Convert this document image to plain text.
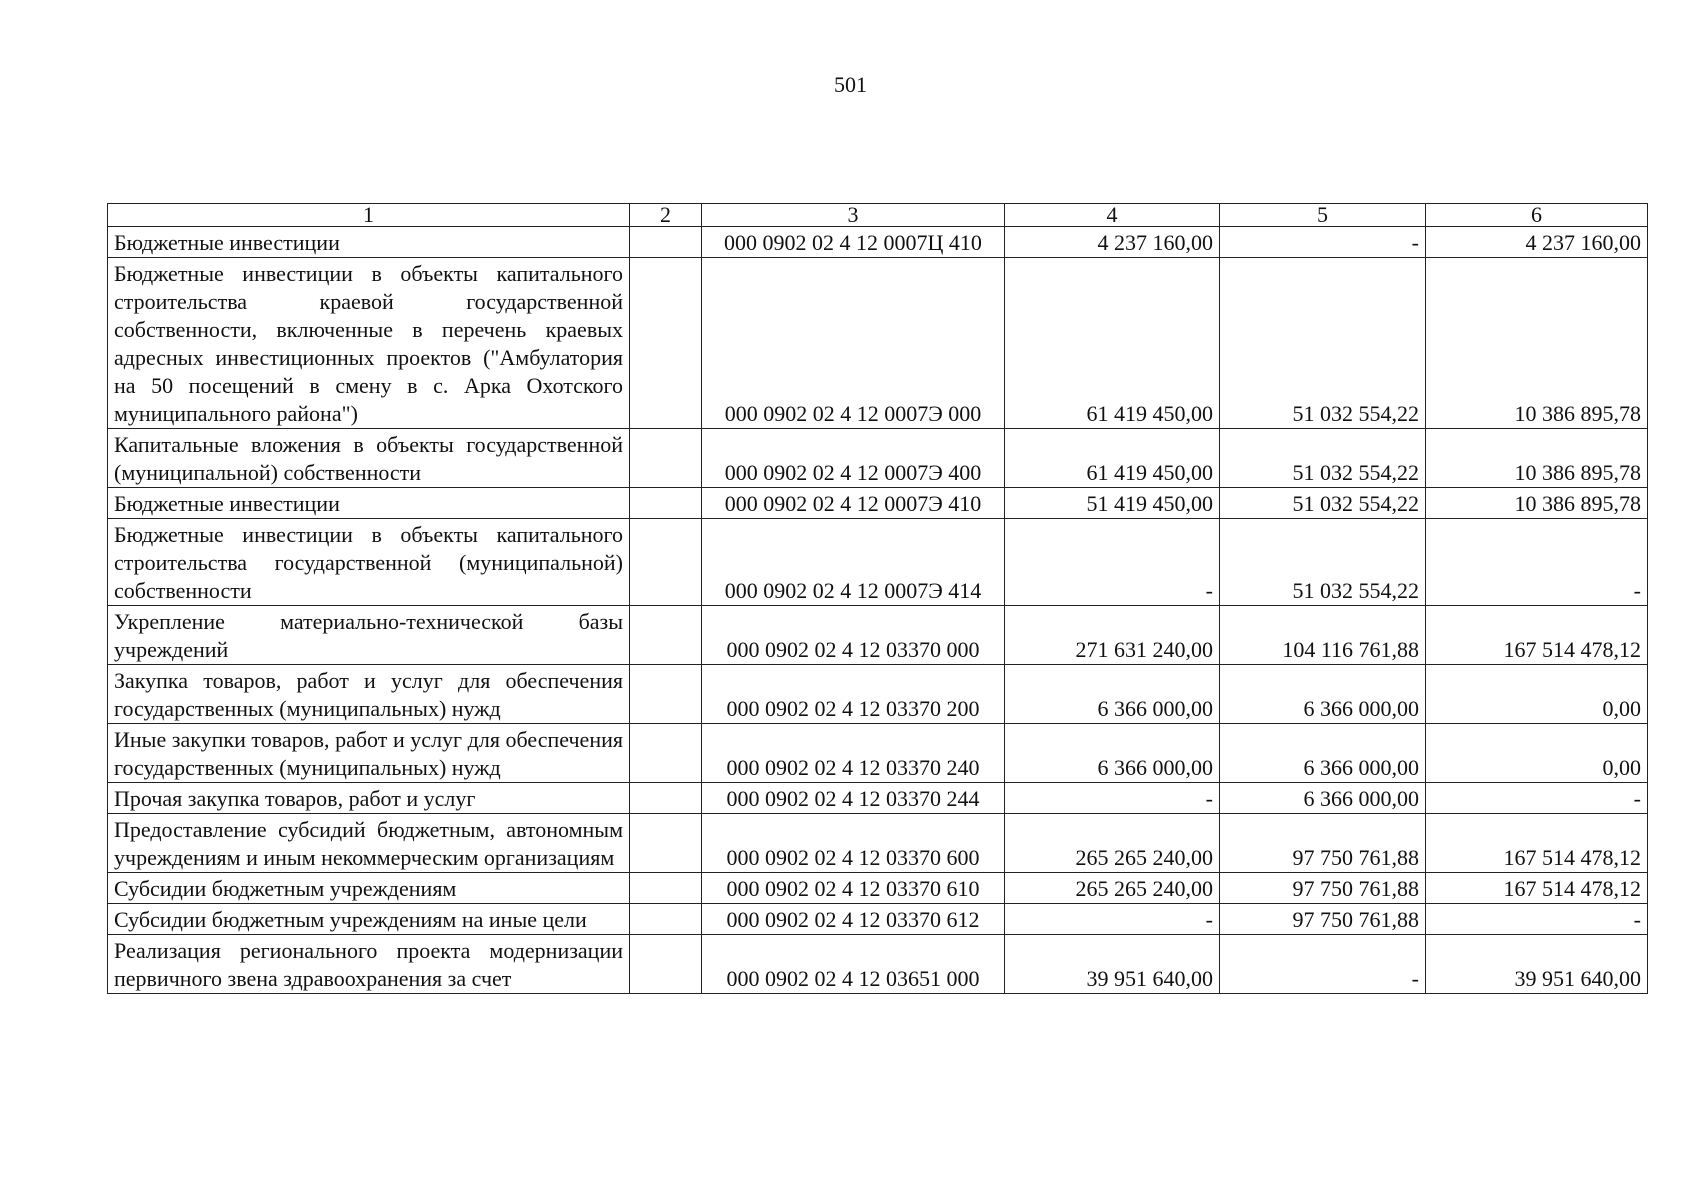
501
1	2	3	4	5	6
Бюджетные инвестиции		000 0902 02 4 12 0007Ц 410	4 237 160,00	-	4 237 160,00
Бюджетные инвестиции в объекты капитального строительства краевой государственной собственности, включенные в перечень краевых адресных инвестиционных проектов ("Амбулатория на 50 посещений в смену в с. Арка Охотского муниципального района")		000 0902 02 4 12 0007Э 000	61 419 450,00	51 032 554,22	10 386 895,78
Капитальные вложения в объекты государственной (муниципальной) собственности		000 0902 02 4 12 0007Э 400	61 419 450,00	51 032 554,22	10 386 895,78
Бюджетные инвестиции		000 0902 02 4 12 0007Э 410	51 419 450,00	51 032 554,22	10 386 895,78
Бюджетные инвестиции в объекты капитального строительства государственной (муниципальной) собственности		000 0902 02 4 12 0007Э 414	-	51 032 554,22	-
Укрепление материально-технической базы учреждений		000 0902 02 4 12 03370 000	271 631 240,00	104 116 761,88	167 514 478,12
Закупка товаров, работ и услуг для обеспечения государственных (муниципальных) нужд		000 0902 02 4 12 03370 200	6 366 000,00	6 366 000,00	0,00
Иные закупки товаров, работ и услуг для обеспечения государственных (муниципальных) нужд		000 0902 02 4 12 03370 240	6 366 000,00	6 366 000,00	0,00
Прочая закупка товаров, работ и услуг		000 0902 02 4 12 03370 244	-	6 366 000,00	-
Предоставление субсидий бюджетным, автономным учреждениям и иным некоммерческим организациям		000 0902 02 4 12 03370 600	265 265 240,00	97 750 761,88	167 514 478,12
Субсидии бюджетным учреждениям		000 0902 02 4 12 03370 610	265 265 240,00	97 750 761,88	167 514 478,12
Субсидии бюджетным учреждениям на иные цели		000 0902 02 4 12 03370 612	-	97 750 761,88	-
Реализация регионального проекта модернизации первичного звена здравоохранения за счет		000 0902 02 4 12 03651 000	39 951 640,00	-	39 951 640,00
